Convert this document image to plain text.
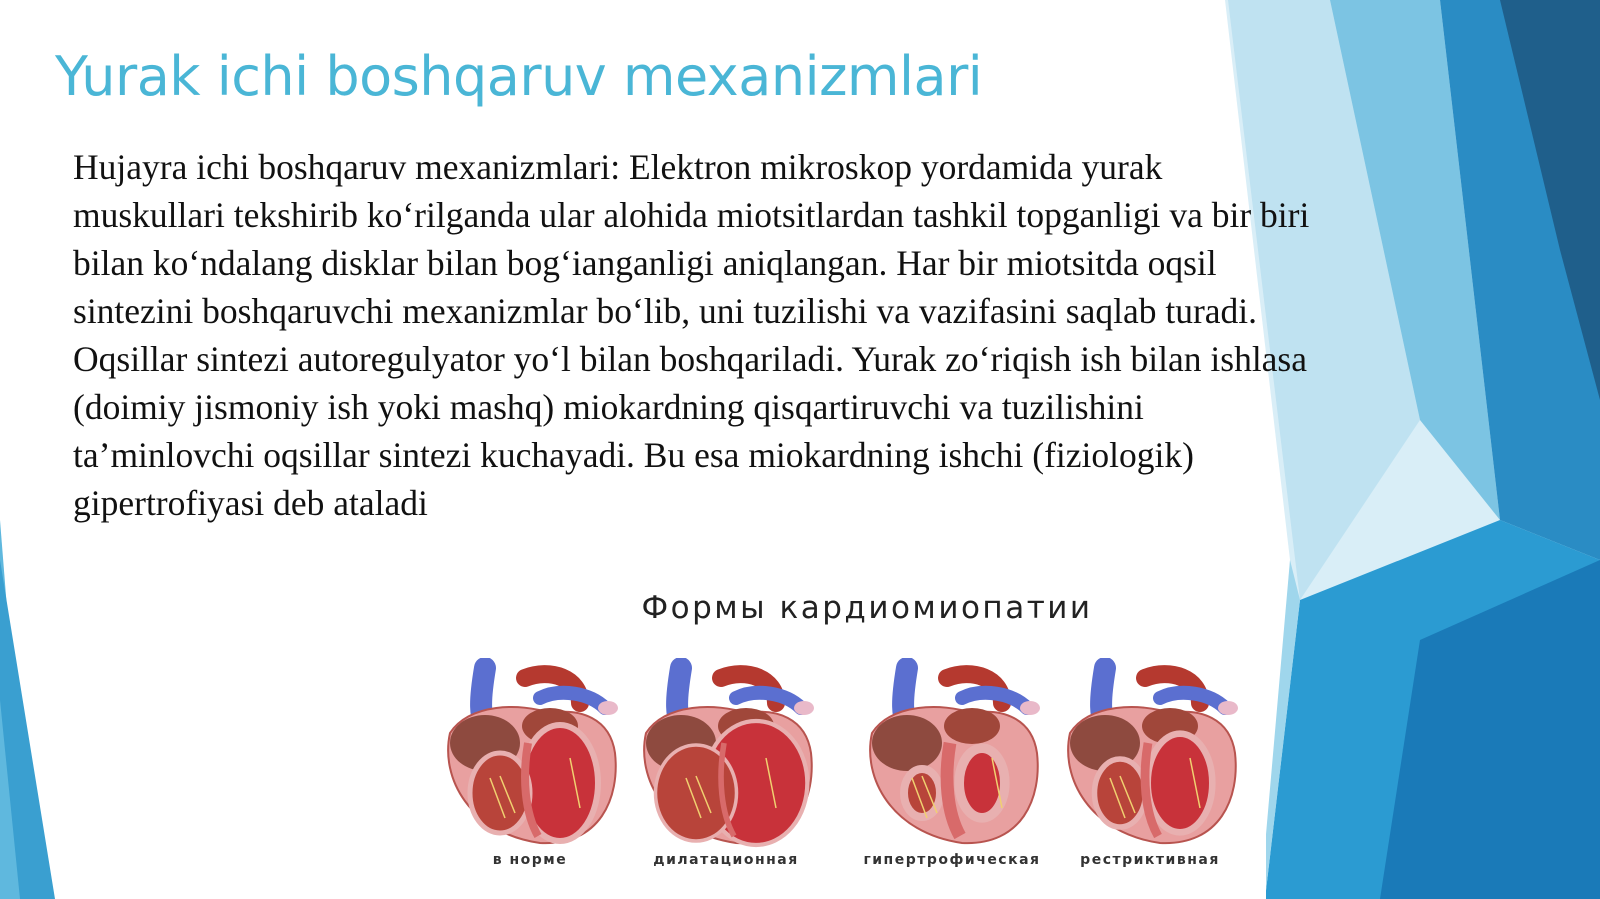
Yurak ichi boshqaruv mexanizmlari

Hujayra ichi boshqaruv mexanizmlari: Elektron mikroskop yordamida yurak muskullari tekshirib ko‘rilganda ular alohida miotsitlardan tashkil topganligi va bir biri bilan ko‘ndalang disklar bilan bog‘ianganligi aniqlangan. Har bir miotsitda oqsil sintezini boshqaruvchi mexanizmlar bo‘lib, uni tuzilishi va vazifasini saqlab turadi. Oqsillar sintezi autoregulyator yo‘l bilan boshqariladi. Yurak zo‘riqish ish bilan ishlasa (doimiy jismoniy ish yoki mashq) miokardning qisqartiruvchi va tuzilishini ta’minlovchi oqsillar sintezi kuchayadi. Bu esa miokardning ishchi (fiziologik) gipertrofiyasi deb ataladi

Формы кардиомиопатии

в норме	дилатационная	гипертрофическая	рестриктивная
